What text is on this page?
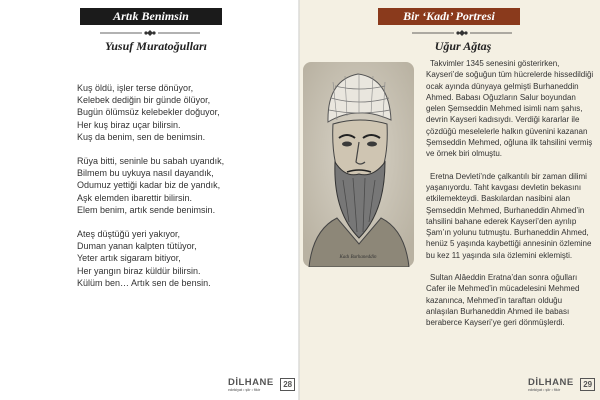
Artık Benimsin
Yusuf Muratoğulları
Kuş öldü, işler terse dönüyor,
Kelebek dediğin bir günde ölüyor,
Bugün ölümsüz kelebekler doğuyor,
Her kuş biraz uçar bilirsin.
Kuş da benim, sen de benimsin.
Rüya bitti, seninle bu sabah uyandık,
Bilmem bu uykuya nasıl dayandık,
Odumuz yettiği kadar biz de yandık,
Aşk elemden ibarettir bilirsin.
Elem benim, artık sende benimsin.
Ateş düştüğü yeri yakıyor,
Duman yanan kalpten tütüyor,
Yeter artık sigaram bitiyor,
Her yangın biraz küldür bilirsin.
Külüm ben… Artık sen de bensin.
DİLHANE
edebiyat • şiir • fikir
28
Bir ‘Kadı’ Portresi
Uğur Ağtaş
Kadı Burhaneddin

Takvimler 1345 senesini gösterirken, Kayseri’de soğuğun tüm hücrelerde hissedildiği ocak ayında dünyaya gelmişti Burhaneddin Ahmed. Babası Oğuzların Salur boyundan gelen Şemseddin Mehmed isimli nam şahıs, devrin Kayseri kadısıydı. Verdiği kararlar ile çözdüğü meselelerle halkın güvenini kazanan Şemseddin Mehmed, oğluna ilk tahsilini vermiş ve örnek biri olmuştu.

Eretna Devleti’nde çalkantılı bir zaman dilimi yaşanıyordu. Taht kavgası devletin bekasını etkilemekteydi. Baskılardan nasibini alan Şemseddin Mehmed, Burhaneddin Ahmed’in tahsilini bahane ederek Kayseri’den ayrılıp Şam’ın yolunu tutmuştu. Burhaneddin Ahmed, henüz 5 yaşında kaybettiği annesinin özlemine bu kez 11 yaşında sıla özlemini eklemişti.

Sultan Alâeddin Eratna’dan sonra oğulları Cafer ile Mehmed’in mücadelesini Mehmed kazanınca, Mehmed’in taraftarı olduğu anlaşılan Burhaneddin Ahmed ile babası beraberce Kayseri’ye geri dönmüşlerdi.

DİLHANE
edebiyat • şiir • fikir
29
